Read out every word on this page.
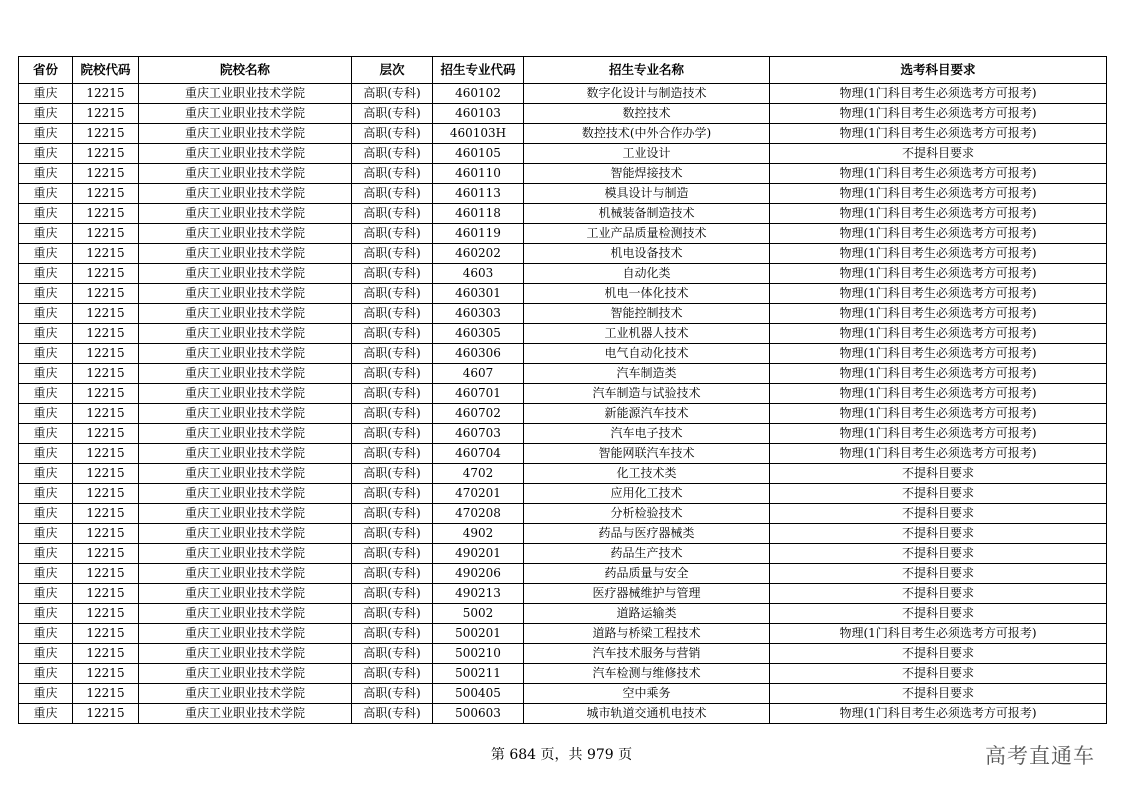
省份	院校代码	院校名称	层次	招生专业代码	招生专业名称	选考科目要求
重庆	12215	重庆工业职业技术学院	高职(专科)	460102	数字化设计与制造技术	物理(1门科目考生必须选考方可报考)
重庆	12215	重庆工业职业技术学院	高职(专科)	460103	数控技术	物理(1门科目考生必须选考方可报考)
重庆	12215	重庆工业职业技术学院	高职(专科)	460103H	数控技术(中外合作办学)	物理(1门科目考生必须选考方可报考)
重庆	12215	重庆工业职业技术学院	高职(专科)	460105	工业设计	不提科目要求
重庆	12215	重庆工业职业技术学院	高职(专科)	460110	智能焊接技术	物理(1门科目考生必须选考方可报考)
重庆	12215	重庆工业职业技术学院	高职(专科)	460113	模具设计与制造	物理(1门科目考生必须选考方可报考)
重庆	12215	重庆工业职业技术学院	高职(专科)	460118	机械装备制造技术	物理(1门科目考生必须选考方可报考)
重庆	12215	重庆工业职业技术学院	高职(专科)	460119	工业产品质量检测技术	物理(1门科目考生必须选考方可报考)
重庆	12215	重庆工业职业技术学院	高职(专科)	460202	机电设备技术	物理(1门科目考生必须选考方可报考)
重庆	12215	重庆工业职业技术学院	高职(专科)	4603	自动化类	物理(1门科目考生必须选考方可报考)
重庆	12215	重庆工业职业技术学院	高职(专科)	460301	机电一体化技术	物理(1门科目考生必须选考方可报考)
重庆	12215	重庆工业职业技术学院	高职(专科)	460303	智能控制技术	物理(1门科目考生必须选考方可报考)
重庆	12215	重庆工业职业技术学院	高职(专科)	460305	工业机器人技术	物理(1门科目考生必须选考方可报考)
重庆	12215	重庆工业职业技术学院	高职(专科)	460306	电气自动化技术	物理(1门科目考生必须选考方可报考)
重庆	12215	重庆工业职业技术学院	高职(专科)	4607	汽车制造类	物理(1门科目考生必须选考方可报考)
重庆	12215	重庆工业职业技术学院	高职(专科)	460701	汽车制造与试验技术	物理(1门科目考生必须选考方可报考)
重庆	12215	重庆工业职业技术学院	高职(专科)	460702	新能源汽车技术	物理(1门科目考生必须选考方可报考)
重庆	12215	重庆工业职业技术学院	高职(专科)	460703	汽车电子技术	物理(1门科目考生必须选考方可报考)
重庆	12215	重庆工业职业技术学院	高职(专科)	460704	智能网联汽车技术	物理(1门科目考生必须选考方可报考)
重庆	12215	重庆工业职业技术学院	高职(专科)	4702	化工技术类	不提科目要求
重庆	12215	重庆工业职业技术学院	高职(专科)	470201	应用化工技术	不提科目要求
重庆	12215	重庆工业职业技术学院	高职(专科)	470208	分析检验技术	不提科目要求
重庆	12215	重庆工业职业技术学院	高职(专科)	4902	药品与医疗器械类	不提科目要求
重庆	12215	重庆工业职业技术学院	高职(专科)	490201	药品生产技术	不提科目要求
重庆	12215	重庆工业职业技术学院	高职(专科)	490206	药品质量与安全	不提科目要求
重庆	12215	重庆工业职业技术学院	高职(专科)	490213	医疗器械维护与管理	不提科目要求
重庆	12215	重庆工业职业技术学院	高职(专科)	5002	道路运输类	不提科目要求
重庆	12215	重庆工业职业技术学院	高职(专科)	500201	道路与桥梁工程技术	物理(1门科目考生必须选考方可报考)
重庆	12215	重庆工业职业技术学院	高职(专科)	500210	汽车技术服务与营销	不提科目要求
重庆	12215	重庆工业职业技术学院	高职(专科)	500211	汽车检测与维修技术	不提科目要求
重庆	12215	重庆工业职业技术学院	高职(专科)	500405	空中乘务	不提科目要求
重庆	12215	重庆工业职业技术学院	高职(专科)	500603	城市轨道交通机电技术	物理(1门科目考生必须选考方可报考)
第 684 页，共 979 页	高考直通车
